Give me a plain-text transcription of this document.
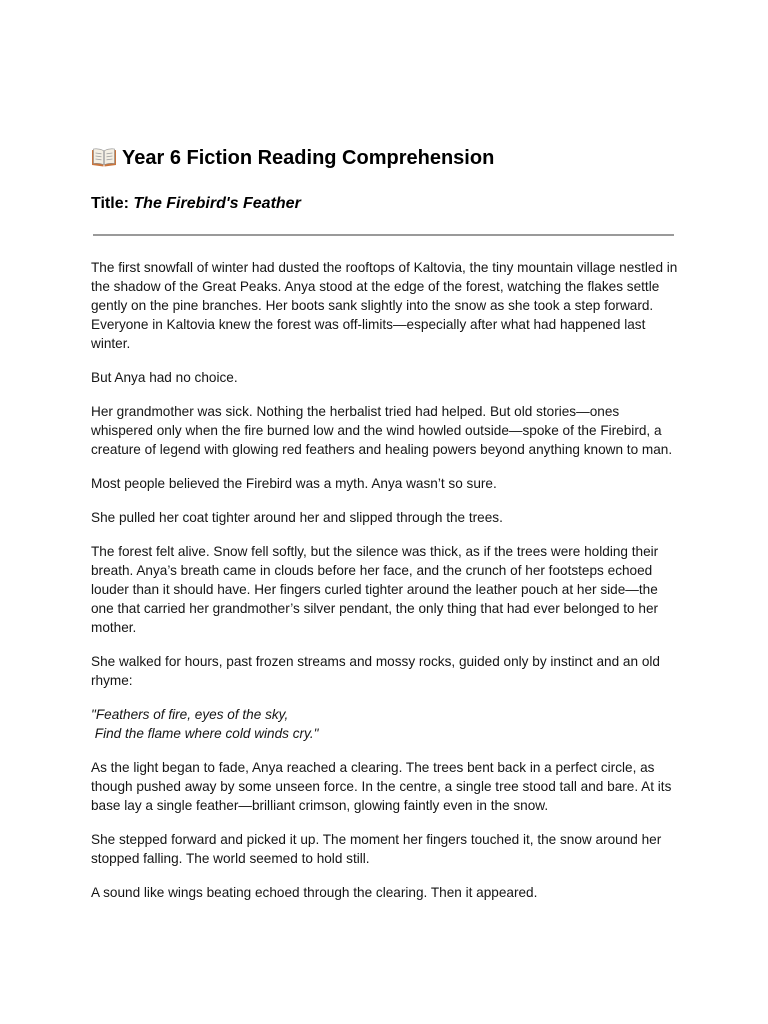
Year 6 Fiction Reading Comprehension

Title: The Firebird's Feather

The first snowfall of winter had dusted the rooftops of Kaltovia, the tiny mountain village nestled in the shadow of the Great Peaks. Anya stood at the edge of the forest, watching the flakes settle gently on the pine branches. Her boots sank slightly into the snow as she took a step forward. Everyone in Kaltovia knew the forest was off-limits—especially after what had happened last winter.

But Anya had no choice.

Her grandmother was sick. Nothing the herbalist tried had helped. But old stories—ones whispered only when the fire burned low and the wind howled outside—spoke of the Firebird, a creature of legend with glowing red feathers and healing powers beyond anything known to man.

Most people believed the Firebird was a myth. Anya wasn’t so sure.

She pulled her coat tighter around her and slipped through the trees.

The forest felt alive. Snow fell softly, but the silence was thick, as if the trees were holding their breath. Anya’s breath came in clouds before her face, and the crunch of her footsteps echoed louder than it should have. Her fingers curled tighter around the leather pouch at her side—the one that carried her grandmother’s silver pendant, the only thing that had ever belonged to her mother.

She walked for hours, past frozen streams and mossy rocks, guided only by instinct and an old rhyme:

"Feathers of fire, eyes of the sky,
Find the flame where cold winds cry."

As the light began to fade, Anya reached a clearing. The trees bent back in a perfect circle, as though pushed away by some unseen force. In the centre, a single tree stood tall and bare. At its base lay a single feather—brilliant crimson, glowing faintly even in the snow.

She stepped forward and picked it up. The moment her fingers touched it, the snow around her stopped falling. The world seemed to hold still.

A sound like wings beating echoed through the clearing. Then it appeared.
